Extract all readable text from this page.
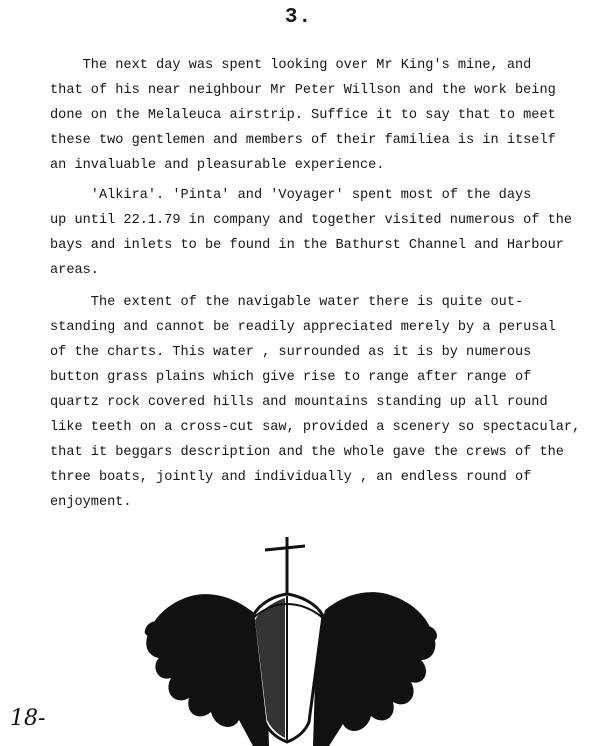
3.
The next day was spent looking over Mr King's mine, and
that of his near neighbour Mr Peter Willson and the work being
done on the Melaleuca airstrip. Suffice it to say that to meet
these two gentlemen and members of their familiea is in itself
an invaluable and pleasurable experience.
'Alkira'. 'Pinta' and 'Voyager' spent most of the days
up until 22.1.79 in company and together visited numerous of the
bays and inlets to be found in the Bathurst Channel and Harbour
areas.
The extent of the navigable water there is quite out-
standing and cannot be readily appreciated merely by a perusal
of the charts. This water , surrounded as it is by numerous
button grass plains which give rise to range after range of
quartz rock covered hills and mountains standing up all round
like teeth on a cross-cut saw, provided a scenery so spectacular,
that it beggars description and the whole gave the crews of the
three boats, jointly and individually , an endless round of
enjoyment.
18-
